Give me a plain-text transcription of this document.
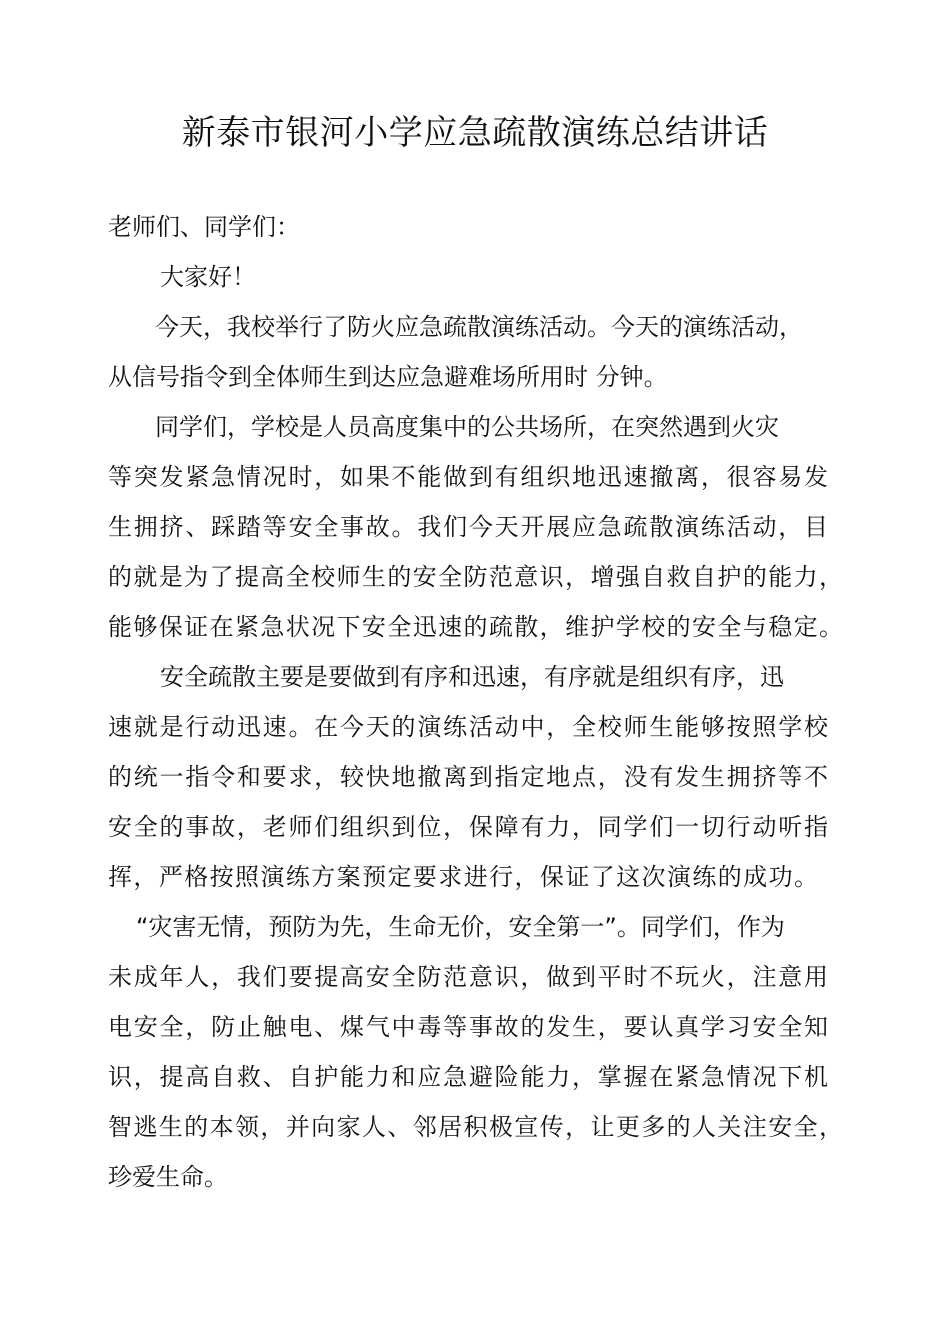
新泰市银河小学应急疏散演练总结讲话
老师们、同学们：
大家好！
今天，我校举行了防火应急疏散演练活动。今天的演练活动，
从信号指令到全体师生到达应急避难场所用时 分钟。
同学们，学校是人员高度集中的公共场所，在突然遇到火灾
等突发紧急情况时，如果不能做到有组织地迅速撤离，很容易发
生拥挤、踩踏等安全事故。我们今天开展应急疏散演练活动，目
的就是为了提高全校师生的安全防范意识，增强自救自护的能力，
能够保证在紧急状况下安全迅速的疏散，维护学校的安全与稳定。
安全疏散主要是要做到有序和迅速，有序就是组织有序，迅
速就是行动迅速。在今天的演练活动中，全校师生能够按照学校
的统一指令和要求，较快地撤离到指定地点，没有发生拥挤等不
安全的事故，老师们组织到位，保障有力，同学们一切行动听指
挥，严格按照演练方案预定要求进行，保证了这次演练的成功。
“灾害无情，预防为先，生命无价，安全第一”。同学们，作为
未成年人，我们要提高安全防范意识，做到平时不玩火，注意用
电安全，防止触电、煤气中毒等事故的发生，要认真学习安全知
识，提高自救、自护能力和应急避险能力，掌握在紧急情况下机
智逃生的本领，并向家人、邻居积极宣传，让更多的人关注安全，
珍爱生命。
